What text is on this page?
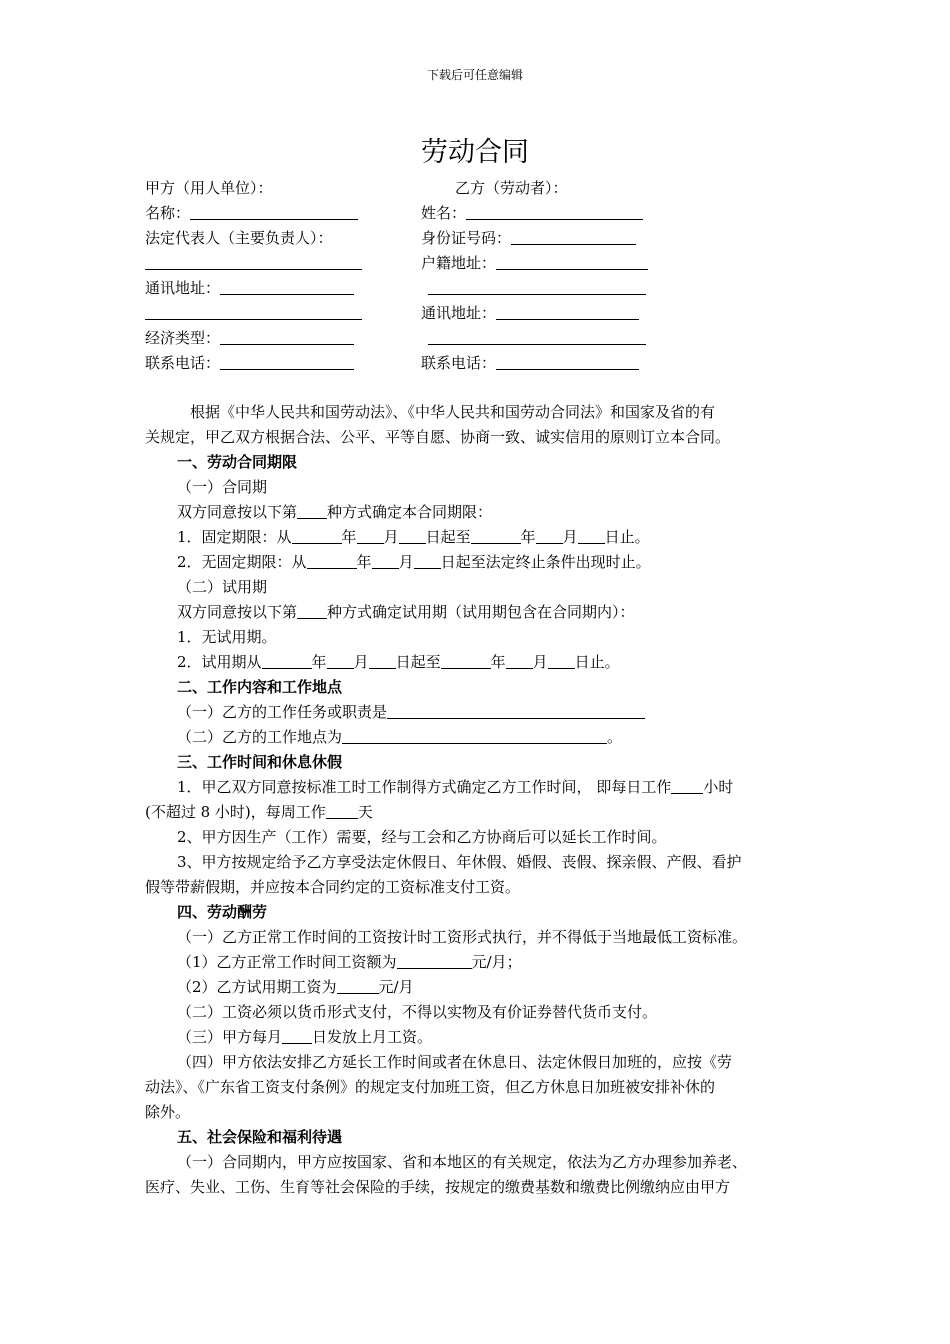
下载后可任意编辑
劳动合同
甲方（用人单位）：
名称：
法定代表人（主要负责人）：
通讯地址：
经济类型：
联系电话：
乙方（劳动者）：
姓名：
身份证号码：
户籍地址：
通讯地址：
联系电话：
根据《中华人民共和国劳动法》、《中华人民共和国劳动合同法》和国家及省的有
关规定，甲乙双方根据合法、公平、平等自愿、协商一致、诚实信用的原则订立本合同。
一、劳动合同期限
（一）合同期
双方同意按以下第 种方式确定本合同期限：
1．固定期限：从	年 月 日起至	年 月 日止。
2．无固定期限：从	年 月 日起至法定终止条件出现时止。
（二）试用期
双方同意按以下第 种方式确定试用期（试用期包含在合同期内）：
1．无试用期。
2．试用期从	年 月 日起至	年 月 日止。
二、工作内容和工作地点
（一）乙方的工作任务或职责是
（二）乙方的工作地点为	。
三、工作时间和休息休假
1．甲乙双方同意按标准工时工作制得方式确定乙方工作时间， 即每日工作 小时
(不超过 8 小时)，每周工作 天
2、甲方因生产（工作）需要，经与工会和乙方协商后可以延长工作时间。
3、甲方按规定给予乙方享受法定休假日、年休假、婚假、丧假、探亲假、产假、看护
假等带薪假期，并应按本合同约定的工资标准支付工资。
四、劳动酬劳
（一）乙方正常工作时间的工资按计时工资形式执行，并不得低于当地最低工资标准。
（1）乙方正常工作时间工资额为	元/月；
（2）乙方试用期工资为	元/月
（二）工资必须以货币形式支付，不得以实物及有价证券替代货币支付。
（三）甲方每月 日发放上月工资。
（四）甲方依法安排乙方延长工作时间或者在休息日、法定休假日加班的，应按《劳
动法》、《广东省工资支付条例》的规定支付加班工资，但乙方休息日加班被安排补休的
除外。
五、社会保险和福利待遇
（一）合同期内，甲方应按国家、省和本地区的有关规定，依法为乙方办理参加养老、
医疗、失业、工伤、生育等社会保险的手续，按规定的缴费基数和缴费比例缴纳应由甲方
